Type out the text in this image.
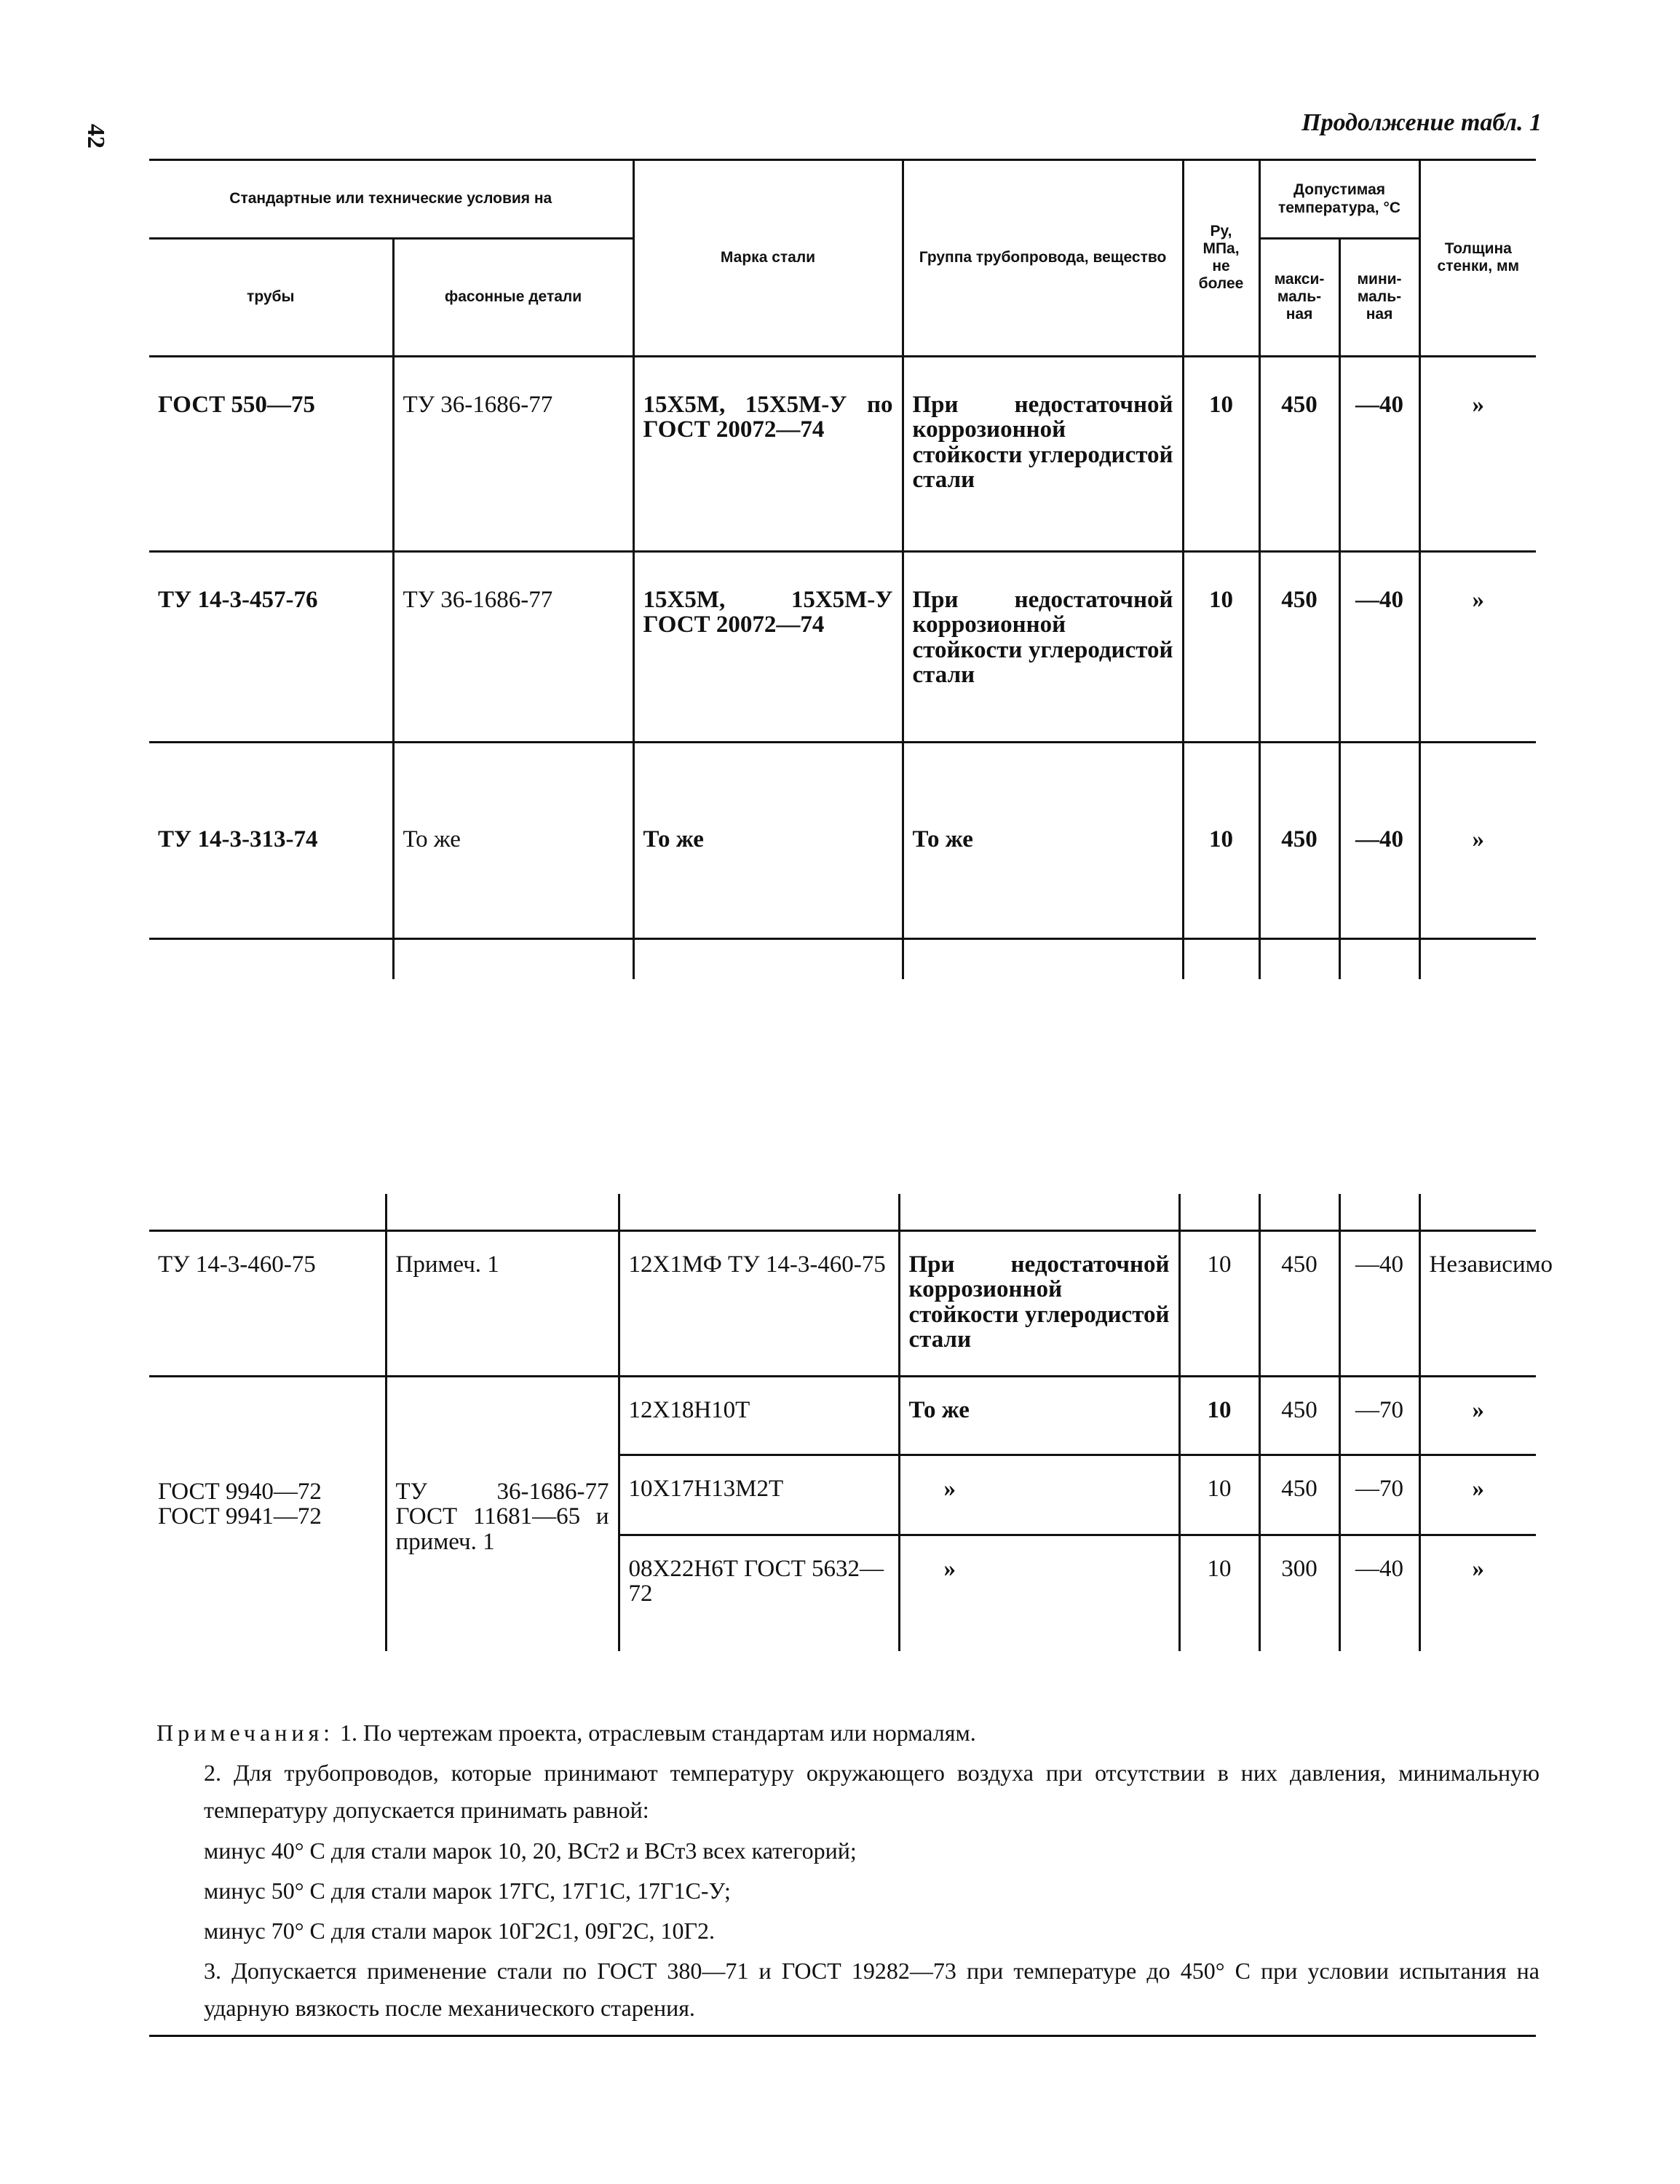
42	Продолжение табл. 1
Стандартные или технические условия на		Марка стали	Группа трубопровода, вещество	Pу, МПа, не более	Допустимая температура, °С		Толщина стенки, мм
трубы	фасонные детали				макси-маль-ная	мини-маль-ная	

ГОСТ 550—75	ТУ 36-1686-77	15Х5М, 15Х5М-У по ГОСТ 20072—74	При недостаточной коррозионной стойкости углеродистой стали	10	450	—40	»
ТУ 14-3-457-76	ТУ 36-1686-77	15Х5М, 15Х5М-У ГОСТ 20072—74	При недостаточной коррозионной стойкости углеродистой стали	10	450	—40	»
ТУ 14-3-313-74	То же	То же	То же	10	450	—40	»

ТУ 14-3-460-75	Примеч. 1	12Х1МФ ТУ 14-3-460-75	При недостаточной коррозионной стойкости углеродистой стали	10	450	—40	Независимо
ГОСТ 9940—72 ГОСТ 9941—72	ТУ 36-1686-77 ГОСТ 11681—65 и примеч. 1	12Х18Н10Т	То же	10	450	—70	»
		10Х17Н13М2Т	»	10	450	—70	»
		08Х22Н6Т ГОСТ 5632—72	»	10	300	—40	»

Примечания: 1. По чертежам проекта, отраслевым стандартам или нормалям.

2. Для трубопроводов, которые принимают температуру окружающего воздуха при отсутствии в них давления, минимальную температуру допускается принимать равной:

минус 40° С для стали марок 10, 20, ВСт2 и ВСт3 всех категорий;

минус 50° С для стали марок 17ГС, 17Г1С, 17Г1С-У;

минус 70° С для стали марок 10Г2С1, 09Г2С, 10Г2.

3. Допускается применение стали по ГОСТ 380—71 и ГОСТ 19282—73 при температуре до 450° С при условии испытания на ударную вязкость после механического старения.
